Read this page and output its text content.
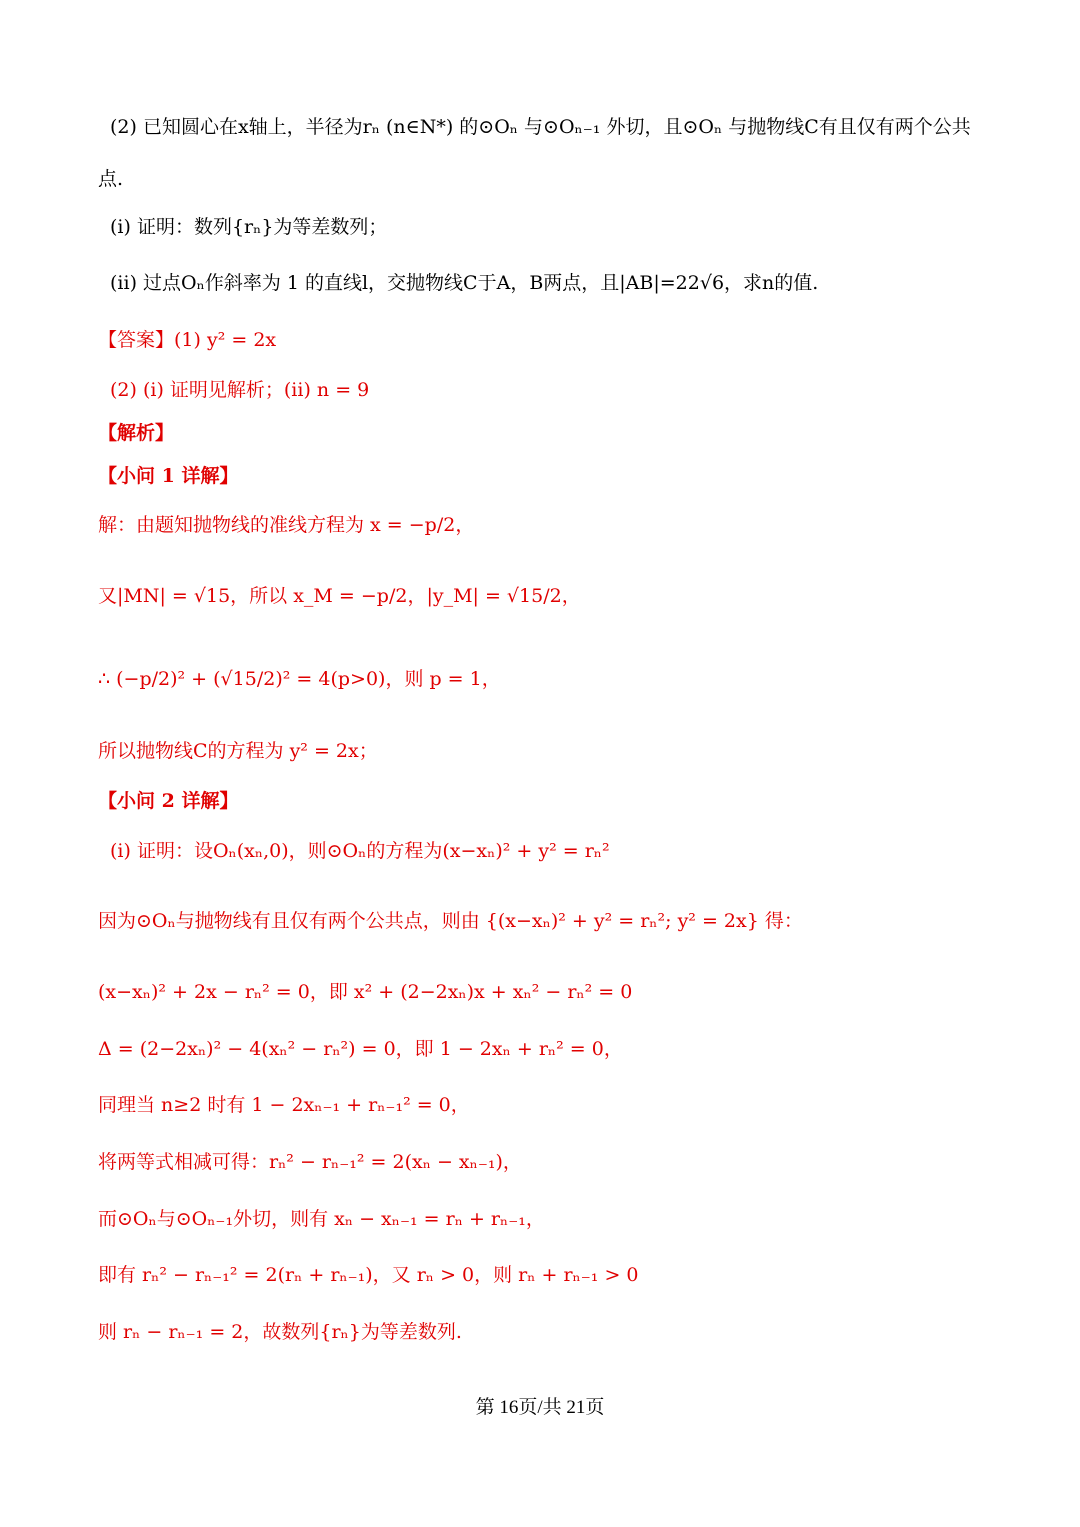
(2) 已知圆心在x轴上，半径为rₙ (n∈N*) 的⊙Oₙ 与⊙Oₙ₋₁ 外切，且⊙Oₙ 与抛物线C有且仅有两个公共
点.
(i) 证明：数列{rₙ}为等差数列；
(ii) 过点Oₙ作斜率为 1 的直线l，交抛物线C于A，B两点，且|AB|=22√6，求n的值.
【答案】(1) y² = 2x
(2) (i) 证明见解析；(ii) n = 9
【解析】
【小问 1 详解】
解：由题知抛物线的准线方程为 x = −p/2，
又|MN| = √15，所以 x_M = −p/2，|y_M| = √15/2，
∴ (−p/2)² + (√15/2)² = 4(p>0)，则 p = 1，
所以抛物线C的方程为 y² = 2x；
【小问 2 详解】
(i) 证明：设Oₙ(xₙ,0)，则⊙Oₙ的方程为(x−xₙ)² + y² = rₙ²
因为⊙Oₙ与抛物线有且仅有两个公共点，则由 {(x−xₙ)² + y² = rₙ²; y² = 2x} 得：
(x−xₙ)² + 2x − rₙ² = 0，即 x² + (2−2xₙ)x + xₙ² − rₙ² = 0
Δ = (2−2xₙ)² − 4(xₙ² − rₙ²) = 0，即 1 − 2xₙ + rₙ² = 0，
同理当 n≥2 时有 1 − 2xₙ₋₁ + rₙ₋₁² = 0，
将两等式相减可得：rₙ² − rₙ₋₁² = 2(xₙ − xₙ₋₁)，
而⊙Oₙ与⊙Oₙ₋₁外切，则有 xₙ − xₙ₋₁ = rₙ + rₙ₋₁，
即有 rₙ² − rₙ₋₁² = 2(rₙ + rₙ₋₁)，又 rₙ > 0，则 rₙ + rₙ₋₁ > 0
则 rₙ − rₙ₋₁ = 2，故数列{rₙ}为等差数列.
第 16页/共 21页
